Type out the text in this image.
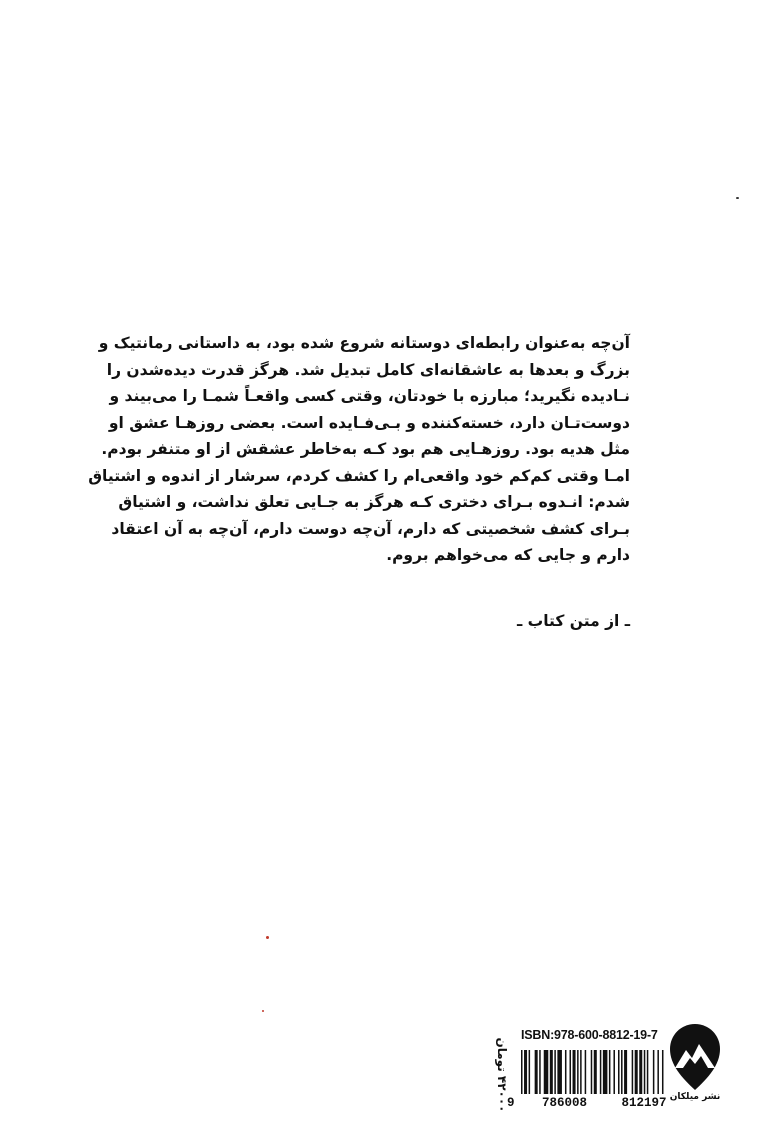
آن‌چه به‌عنوان رابطه‌ای دوستانه شروع شده بود، به داستانی رمانتیک و
بزرگ و بعدها به عاشقانه‌ای کامل تبدیل شد. هرگز قدرت دیده‌شدن را
نـادیده نگیرید؛ مبارزه با خودتان، وقتی کسی واقعـاً شمـا را می‌بیند و
دوست‌تـان دارد، خسته‌کننده و بـی‌فـایده است. بعضی روزهـا عشق او
مثل هدیه بود. روزهـایی هم بود کـه به‌خاطر عشقش از او متنفر بودم.
امـا وقتی کم‌کم خود واقعی‌ام را کشف کردم، سرشار از اندوه و اشتیاق
شدم: انـدوه بـرای دختری کـه هرگز به جـایی تعلق نداشت، و اشتیاق
بـرای کشف شخصیتی که دارم، آن‌چه دوست دارم، آن‌چه به آن اعتقاد
دارم و جایی که می‌خواهم بروم.
ـ از متن کتاب ـ
۴۲۰۰۰ تومان
ISBN:978-600-8812-19-7
9 786008	812197 نشر میلکان
